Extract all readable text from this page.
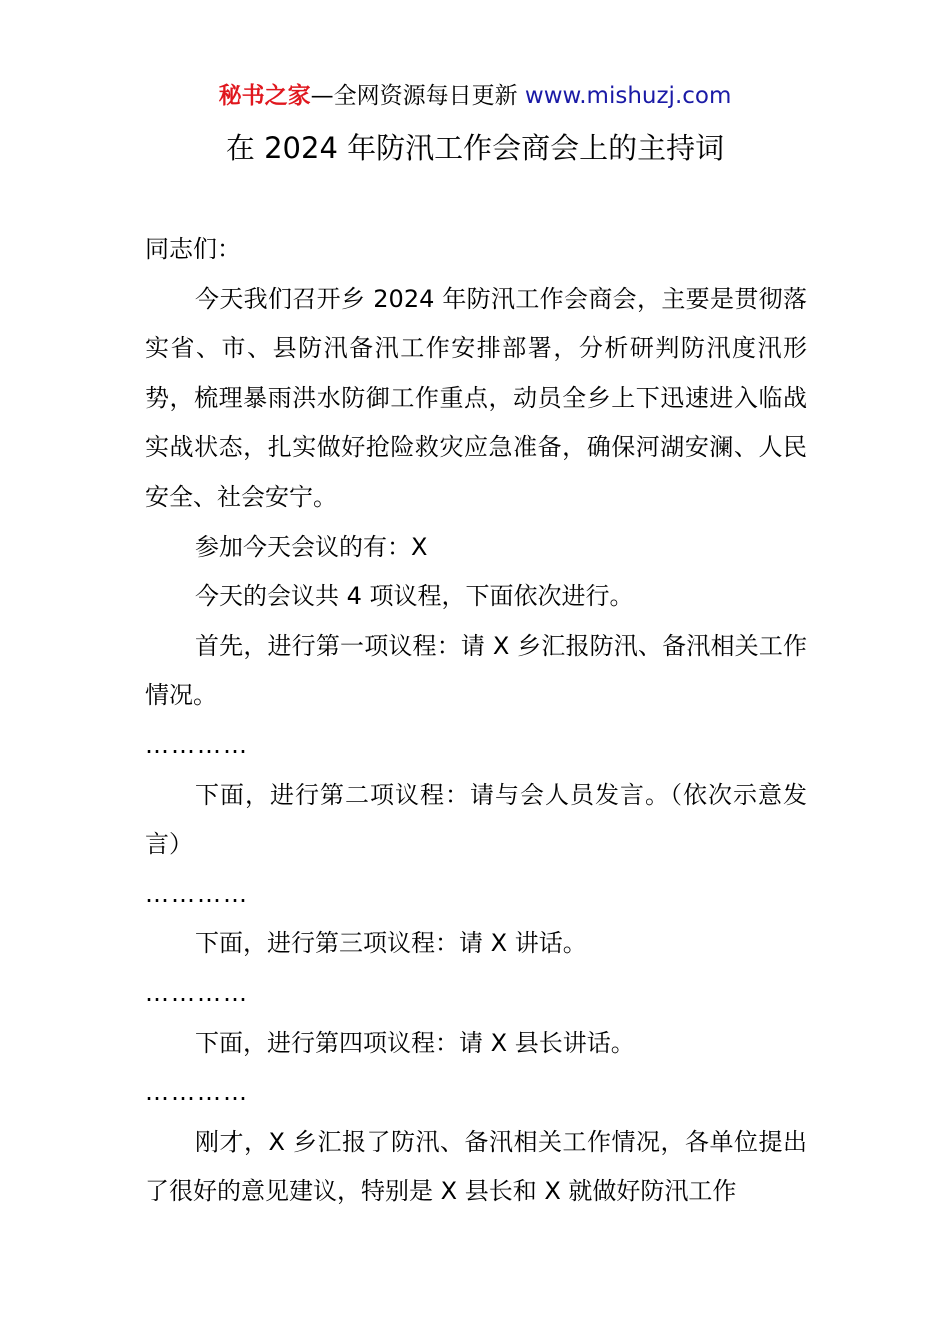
秘书之家—全网资源每日更新 www.mishuzj.com
在 2024 年防汛工作会商会上的主持词

同志们：

今天我们召开乡 2024 年防汛工作会商会，主要是贯彻落实省、市、县防汛备汛工作安排部署，分析研判防汛度汛形势，梳理暴雨洪水防御工作重点，动员全乡上下迅速进入临战实战状态，扎实做好抢险救灾应急准备，确保河湖安澜、人民安全、社会安宁。

参加今天会议的有：X

今天的会议共 4 项议程，下面依次进行。

首先，进行第一项议程：请 X 乡汇报防汛、备汛相关工作情况。

…………

下面，进行第二项议程：请与会人员发言。（依次示意发言）

…………

下面，进行第三项议程：请 X 讲话。

…………

下面，进行第四项议程：请 X 县长讲话。

…………

刚才，X 乡汇报了防汛、备汛相关工作情况，各单位提出了很好的意见建议，特别是 X 县长和 X 就做好防汛工作
